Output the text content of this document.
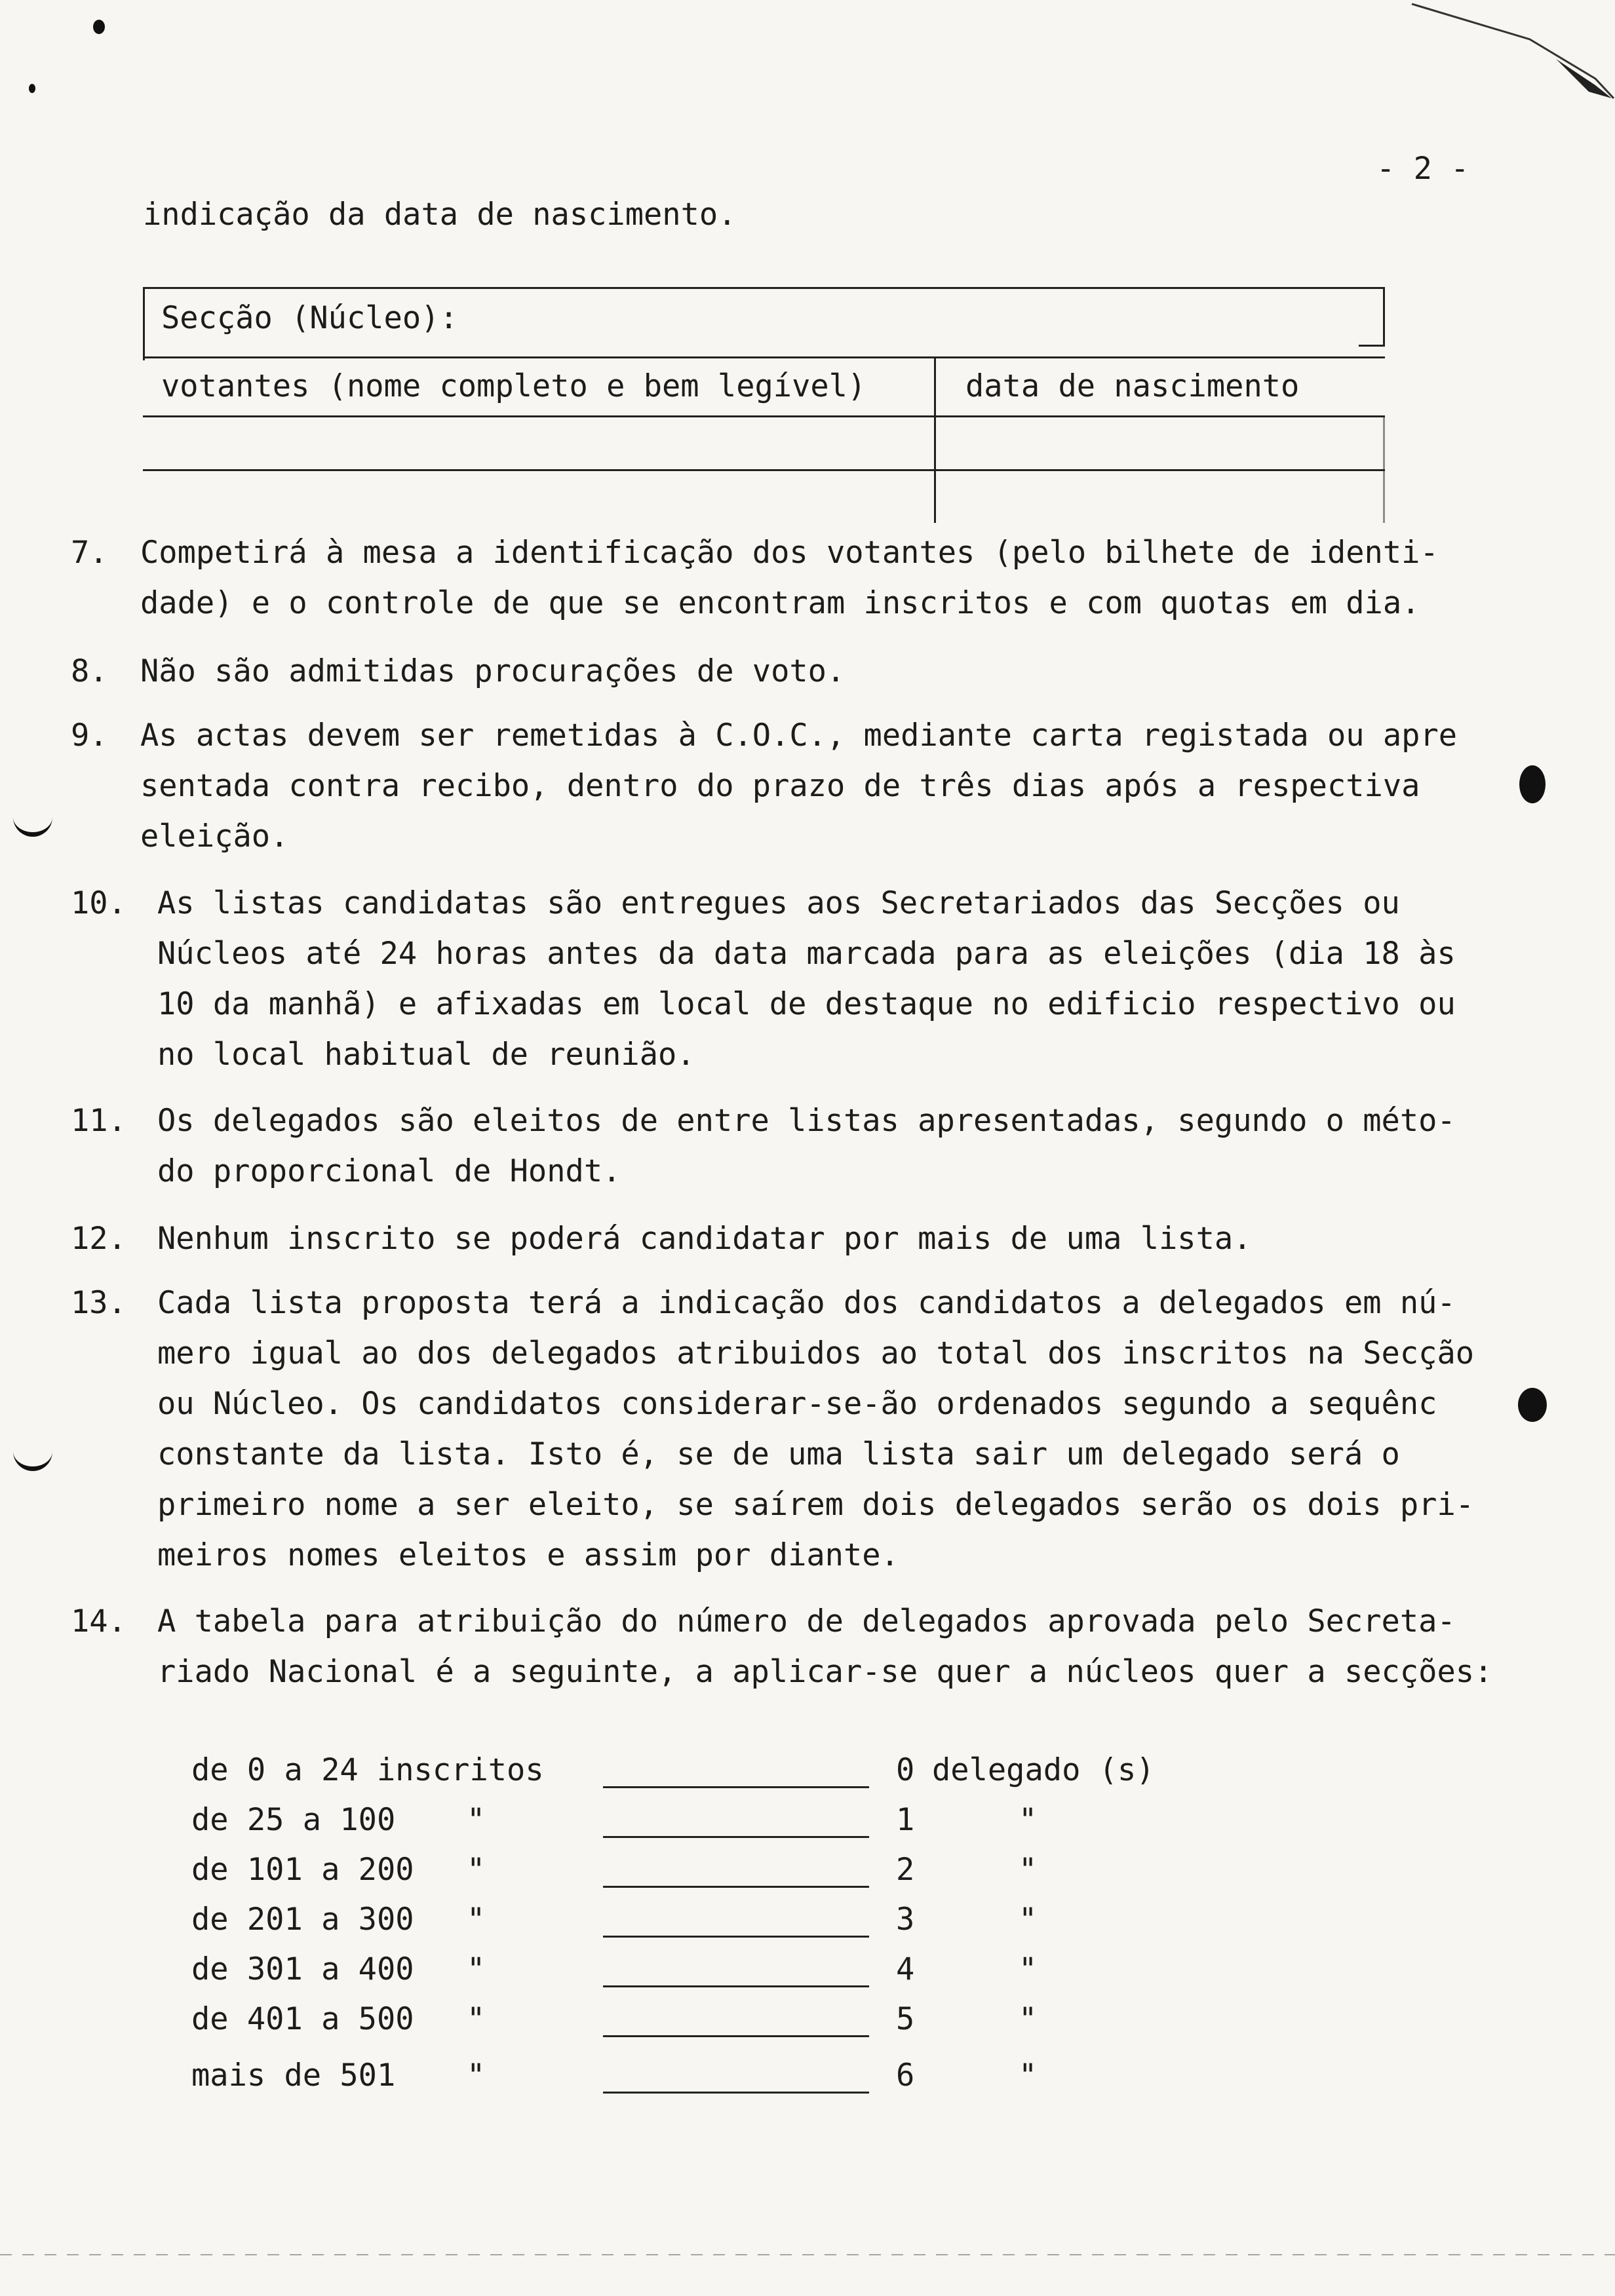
- 2 -
indicação da data de nascimento.
Secção (Núcleo):
votantes (nome completo e bem legível)	data de nascimento
7. Competirá à mesa a identificação dos votantes (pelo bilhete de identi-
dade) e o controle de que se encontram inscritos e com quotas em dia.
8. Não são admitidas procurações de voto.
9. As actas devem ser remetidas à C.O.C., mediante carta registada ou apre
sentada contra recibo, dentro do prazo de três dias após a respectiva
eleição.
10. As listas candidatas são entregues aos Secretariados das Secções ou
Núcleos até 24 horas antes da data marcada para as eleições (dia 18 às
10 da manhã) e afixadas em local de destaque no edificio respectivo ou
no local habitual de reunião.
11. Os delegados são eleitos de entre listas apresentadas, segundo o méto-
do proporcional de Hondt.
12. Nenhum inscrito se poderá candidatar por mais de uma lista.
13. Cada lista proposta terá a indicação dos candidatos a delegados em nú-
mero igual ao dos delegados atribuidos ao total dos inscritos na Secção
ou Núcleo. Os candidatos considerar-se-ão ordenados segundo a sequênc
constante da lista. Isto é, se de uma lista sair um delegado será o
primeiro nome a ser eleito, se saírem dois delegados serão os dois pri-
meiros nomes eleitos e assim por diante.
14. A tabela para atribuição do número de delegados aprovada pelo Secreta-
riado Nacional é a seguinte, a aplicar-se quer a núcleos quer a secções:
de 0 a 24 inscritos	0 delegado (s)
de 25 a 100 "	1	"
de 101 a 200 "	2	"
de 201 a 300 "	3	"
de 301 a 400 "	4	"
de 401 a 500 "	5	"
mais de 501 "	6	"
